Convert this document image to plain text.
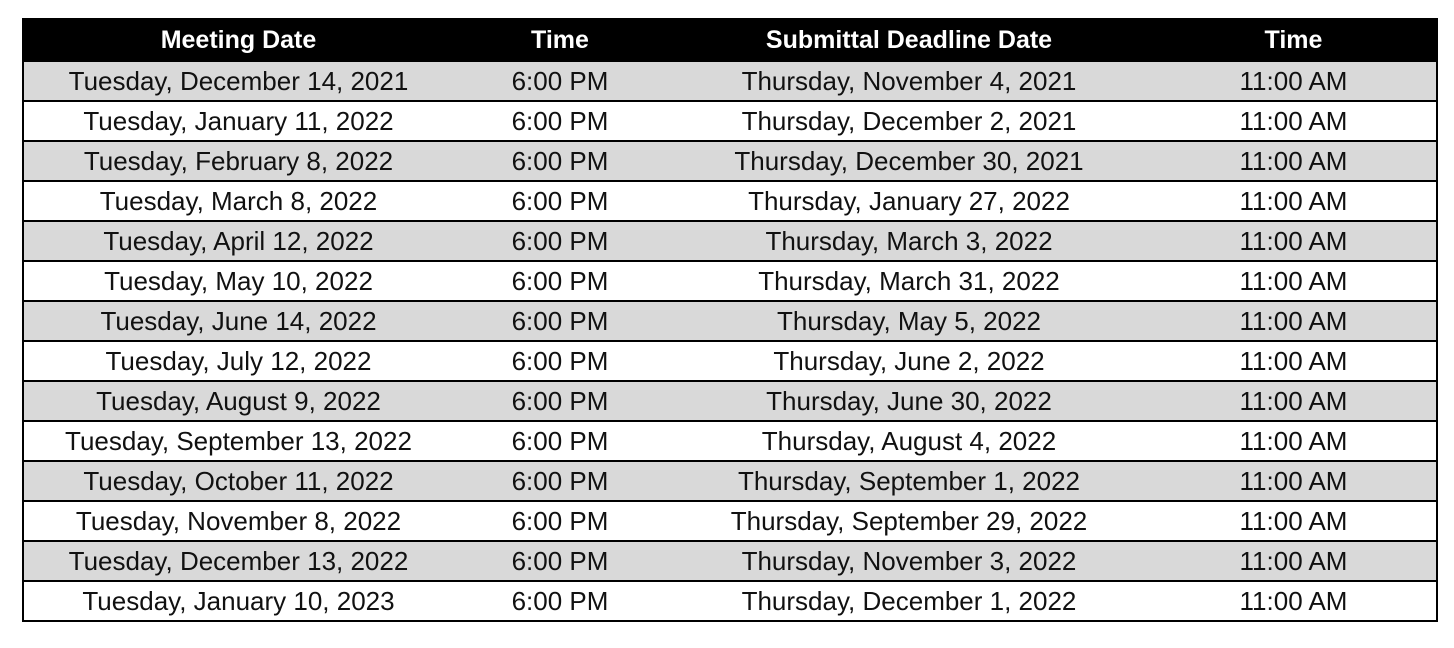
Meeting Date	Time	Submittal Deadline Date	Time
Tuesday, December 14, 2021	6:00 PM	Thursday, November 4, 2021	11:00 AM
Tuesday, January 11, 2022	6:00 PM	Thursday, December 2, 2021	11:00 AM
Tuesday, February 8, 2022	6:00 PM	Thursday, December 30, 2021	11:00 AM
Tuesday, March 8, 2022	6:00 PM	Thursday, January 27, 2022	11:00 AM
Tuesday, April 12, 2022	6:00 PM	Thursday, March 3, 2022	11:00 AM
Tuesday, May 10, 2022	6:00 PM	Thursday, March 31, 2022	11:00 AM
Tuesday, June 14, 2022	6:00 PM	Thursday, May 5, 2022	11:00 AM
Tuesday, July 12, 2022	6:00 PM	Thursday, June 2, 2022	11:00 AM
Tuesday, August 9, 2022	6:00 PM	Thursday, June 30, 2022	11:00 AM
Tuesday, September 13, 2022	6:00 PM	Thursday, August 4, 2022	11:00 AM
Tuesday, October 11, 2022	6:00 PM	Thursday, September 1, 2022	11:00 AM
Tuesday, November 8, 2022	6:00 PM	Thursday, September 29, 2022	11:00 AM
Tuesday, December 13, 2022	6:00 PM	Thursday, November 3, 2022	11:00 AM
Tuesday, January 10, 2023	6:00 PM	Thursday, December 1, 2022	11:00 AM
